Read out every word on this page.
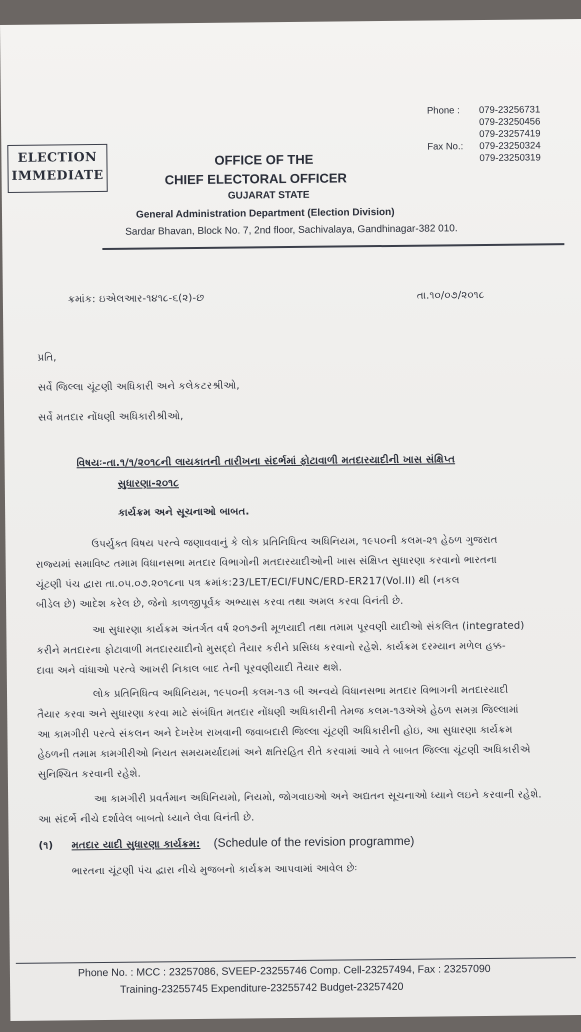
ELECTION
IMMEDIATE
Phone : 079-23256731
079-23250456
079-23257419
Fax No.: 079-23250324
079-23250319
OFFICE OF THE
CHIEF ELECTORAL OFFICER
GUJARAT STATE
General Administration Department (Election Division)
Sardar Bhavan, Block No. 7, 2nd floor, Sachivalaya, Gandhinagar-382 010.
ક્રમાંક: ઇએલઆર-૧૪૧૮-૬(૨)-છ	તા.૧૦/૦૭/૨૦૧૮
પ્રતિ,
સર્વે જિલ્લા ચૂંટણી અધિકારી અને કલેકટરશ્રીઓ,
સર્વે મતદાર નોંધણી અધિકારીશ્રીઓ,
વિષયઃ-તા.૧/૧/૨૦૧૮ની લાયકાતની તારીખના સંદર્ભમાં ફોટાવાળી મતદારયાદીની ખાસ સંક્ષિપ્ત
સુધારણા-૨૦૧૮
કાર્યક્રમ અને સૂચનાઓ બાબત.
ઉપર્યુક્ત વિષય પરત્વે જણાવવાનું કે લોક પ્રતિનિધિત્વ અધિનિયમ, ૧૯૫૦ની કલમ-૨૧ હેઠળ ગુજરાત
રાજ્યમાં સમાવિષ્ટ તમામ વિધાનસભા મતદાર વિભાગોની મતદારયાદીઓની ખાસ સંક્ષિપ્ત સુધારણા કરવાનો ભારતના
ચૂંટણી પંચ દ્વારા તા.૦૫.૦૭.૨૦૧૮ના પત્ર ક્રમાંક:23/LET/ECI/FUNC/ERD-ER217(Vol.II) થી (નકલ
બીડેલ છે) આદેશ કરેલ છે, જેનો કાળજીપૂર્વક અભ્યાસ કરવા તથા અમલ કરવા વિનંતી છે.
આ સુધારણા કાર્યક્રમ અંતર્ગત વર્ષ ૨૦૧૭ની મૂળયાદી તથા તમામ પૂરવણી યાદીઓ સંકલિત (integrated)
કરીને મતદારના ફોટાવાળી મતદારયાદીનો મુસદ્દો તૈયાર કરીને પ્રસિધ્ધ કરવાનો રહેશે. કાર્યક્રમ દરમ્યાન મળેલ હક્ક-
દાવા અને વાંધાઓ પરત્વે આખરી નિકાલ બાદ તેની પૂરવણીયાદી તૈયાર થશે.
લોક પ્રતિનિધિત્વ અધિનિયમ, ૧૯૫૦ની કલમ-૧૩ બી અન્વયે વિધાનસભા મતદાર વિભાગની મતદારયાદી
તૈયાર કરવા અને સુધારણા કરવા માટે સંબંધિત મતદાર નોંધણી અધિકારીની તેમજ કલમ-૧૩એએ હેઠળ સમગ્ર જિલ્લામાં
આ કામગીરી પરત્વે સંકલન અને દેખરેખ રાખવાની જવાબદારી જિલ્લા ચૂંટણી અધિકારીની હોઇ, આ સુધારણા કાર્યક્રમ
હેઠળની તમામ કામગીરીઓ નિયત સમયમર્યાદામાં અને ક્ષતિરહિત રીતે કરવામાં આવે તે બાબત જિલ્લા ચૂંટણી અધિકારીએ
સુનિશ્ચિત કરવાની રહેશે.
આ કામગીરી પ્રવર્તમાન અધિનિયમો, નિયમો, જોગવાઇઓ અને અદ્યતન સૂચનાઓ ધ્યાને લઇને કરવાની રહેશે.
આ સંદર્ભે નીચે દર્શાવેલ બાબતો ધ્યાને લેવા વિનંતી છે.
(૧) મતદાર યાદી સુધારણા કાર્યક્રમ: (Schedule of the revision programme)
ભારતના ચૂંટણી પંચ દ્વારા નીચે મુજબનો કાર્યક્રમ આપવામાં આવેલ છેઃ
Phone No. : MCC : 23257086, SVEEP-23255746 Comp. Cell-23257494, Fax : 23257090
Training-23255745 Expenditure-23255742 Budget-23257420
